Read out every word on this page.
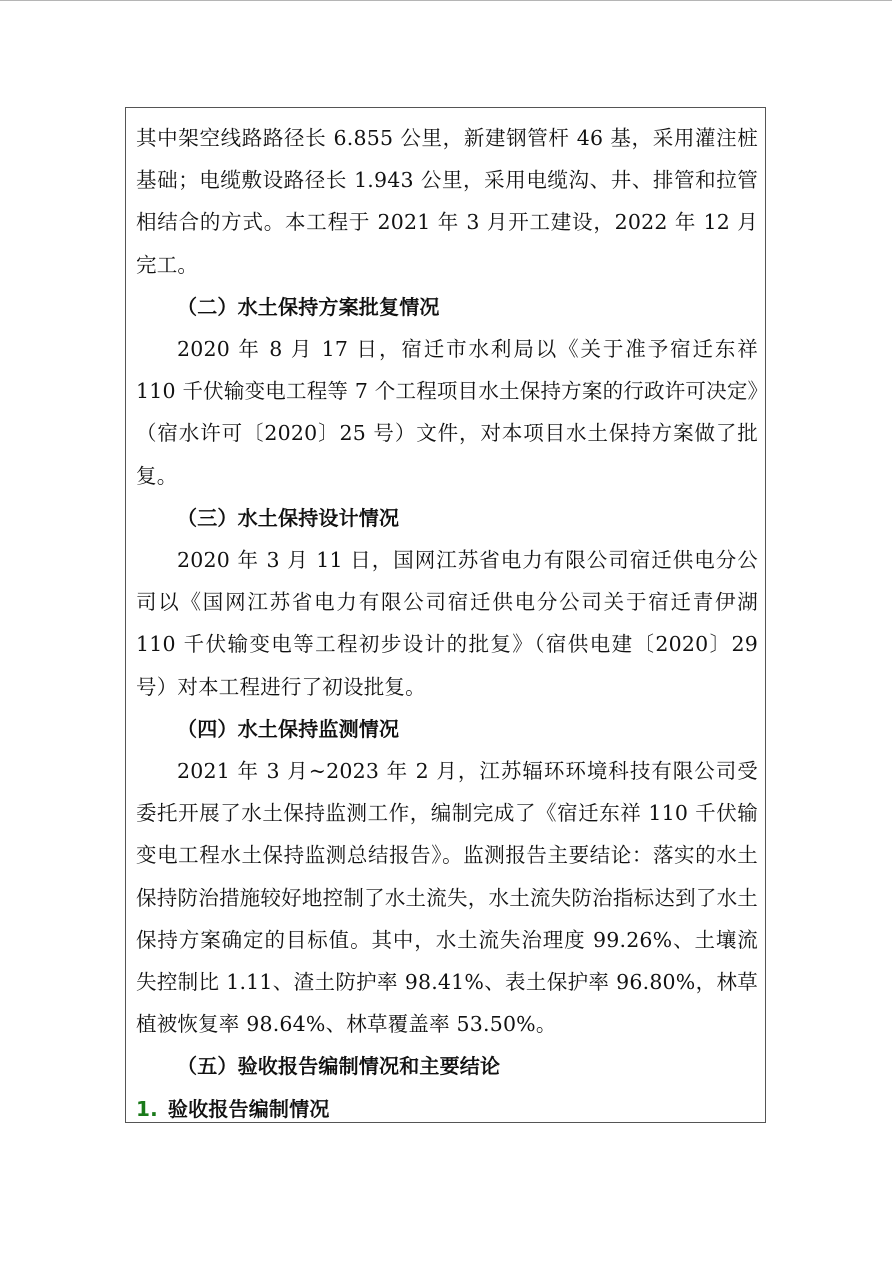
其中架空线路路径长 6.855 公里，新建钢管杆 46 基，采用灌注桩基础；电缆敷设路径长 1.943 公里，采用电缆沟、井、排管和拉管相结合的方式。本工程于 2021 年 3 月开工建设，2022 年 12 月完工。

（二）水土保持方案批复情况

2020 年 8 月 17 日，宿迁市水利局以《关于准予宿迁东祥 110 千伏输变电工程等 7 个工程项目水土保持方案的行政许可决定》（宿水许可〔2020〕25 号）文件，对本项目水土保持方案做了批复。

（三）水土保持设计情况

2020 年 3 月 11 日，国网江苏省电力有限公司宿迁供电分公司以《国网江苏省电力有限公司宿迁供电分公司关于宿迁青伊湖 110 千伏输变电等工程初步设计的批复》（宿供电建〔2020〕29 号）对本工程进行了初设批复。

（四）水土保持监测情况

2021 年 3 月~2023 年 2 月，江苏辐环环境科技有限公司受委托开展了水土保持监测工作，编制完成了《宿迁东祥 110 千伏输变电工程水土保持监测总结报告》。监测报告主要结论：落实的水土保持防治措施较好地控制了水土流失，水土流失防治指标达到了水土保持方案确定的目标值。其中，水土流失治理度 99.26%、土壤流失控制比 1.11、渣土防护率 98.41%、表土保护率 96.80%，林草植被恢复率 98.64%、林草覆盖率 53.50%。

（五）验收报告编制情况和主要结论

1. 验收报告编制情况
